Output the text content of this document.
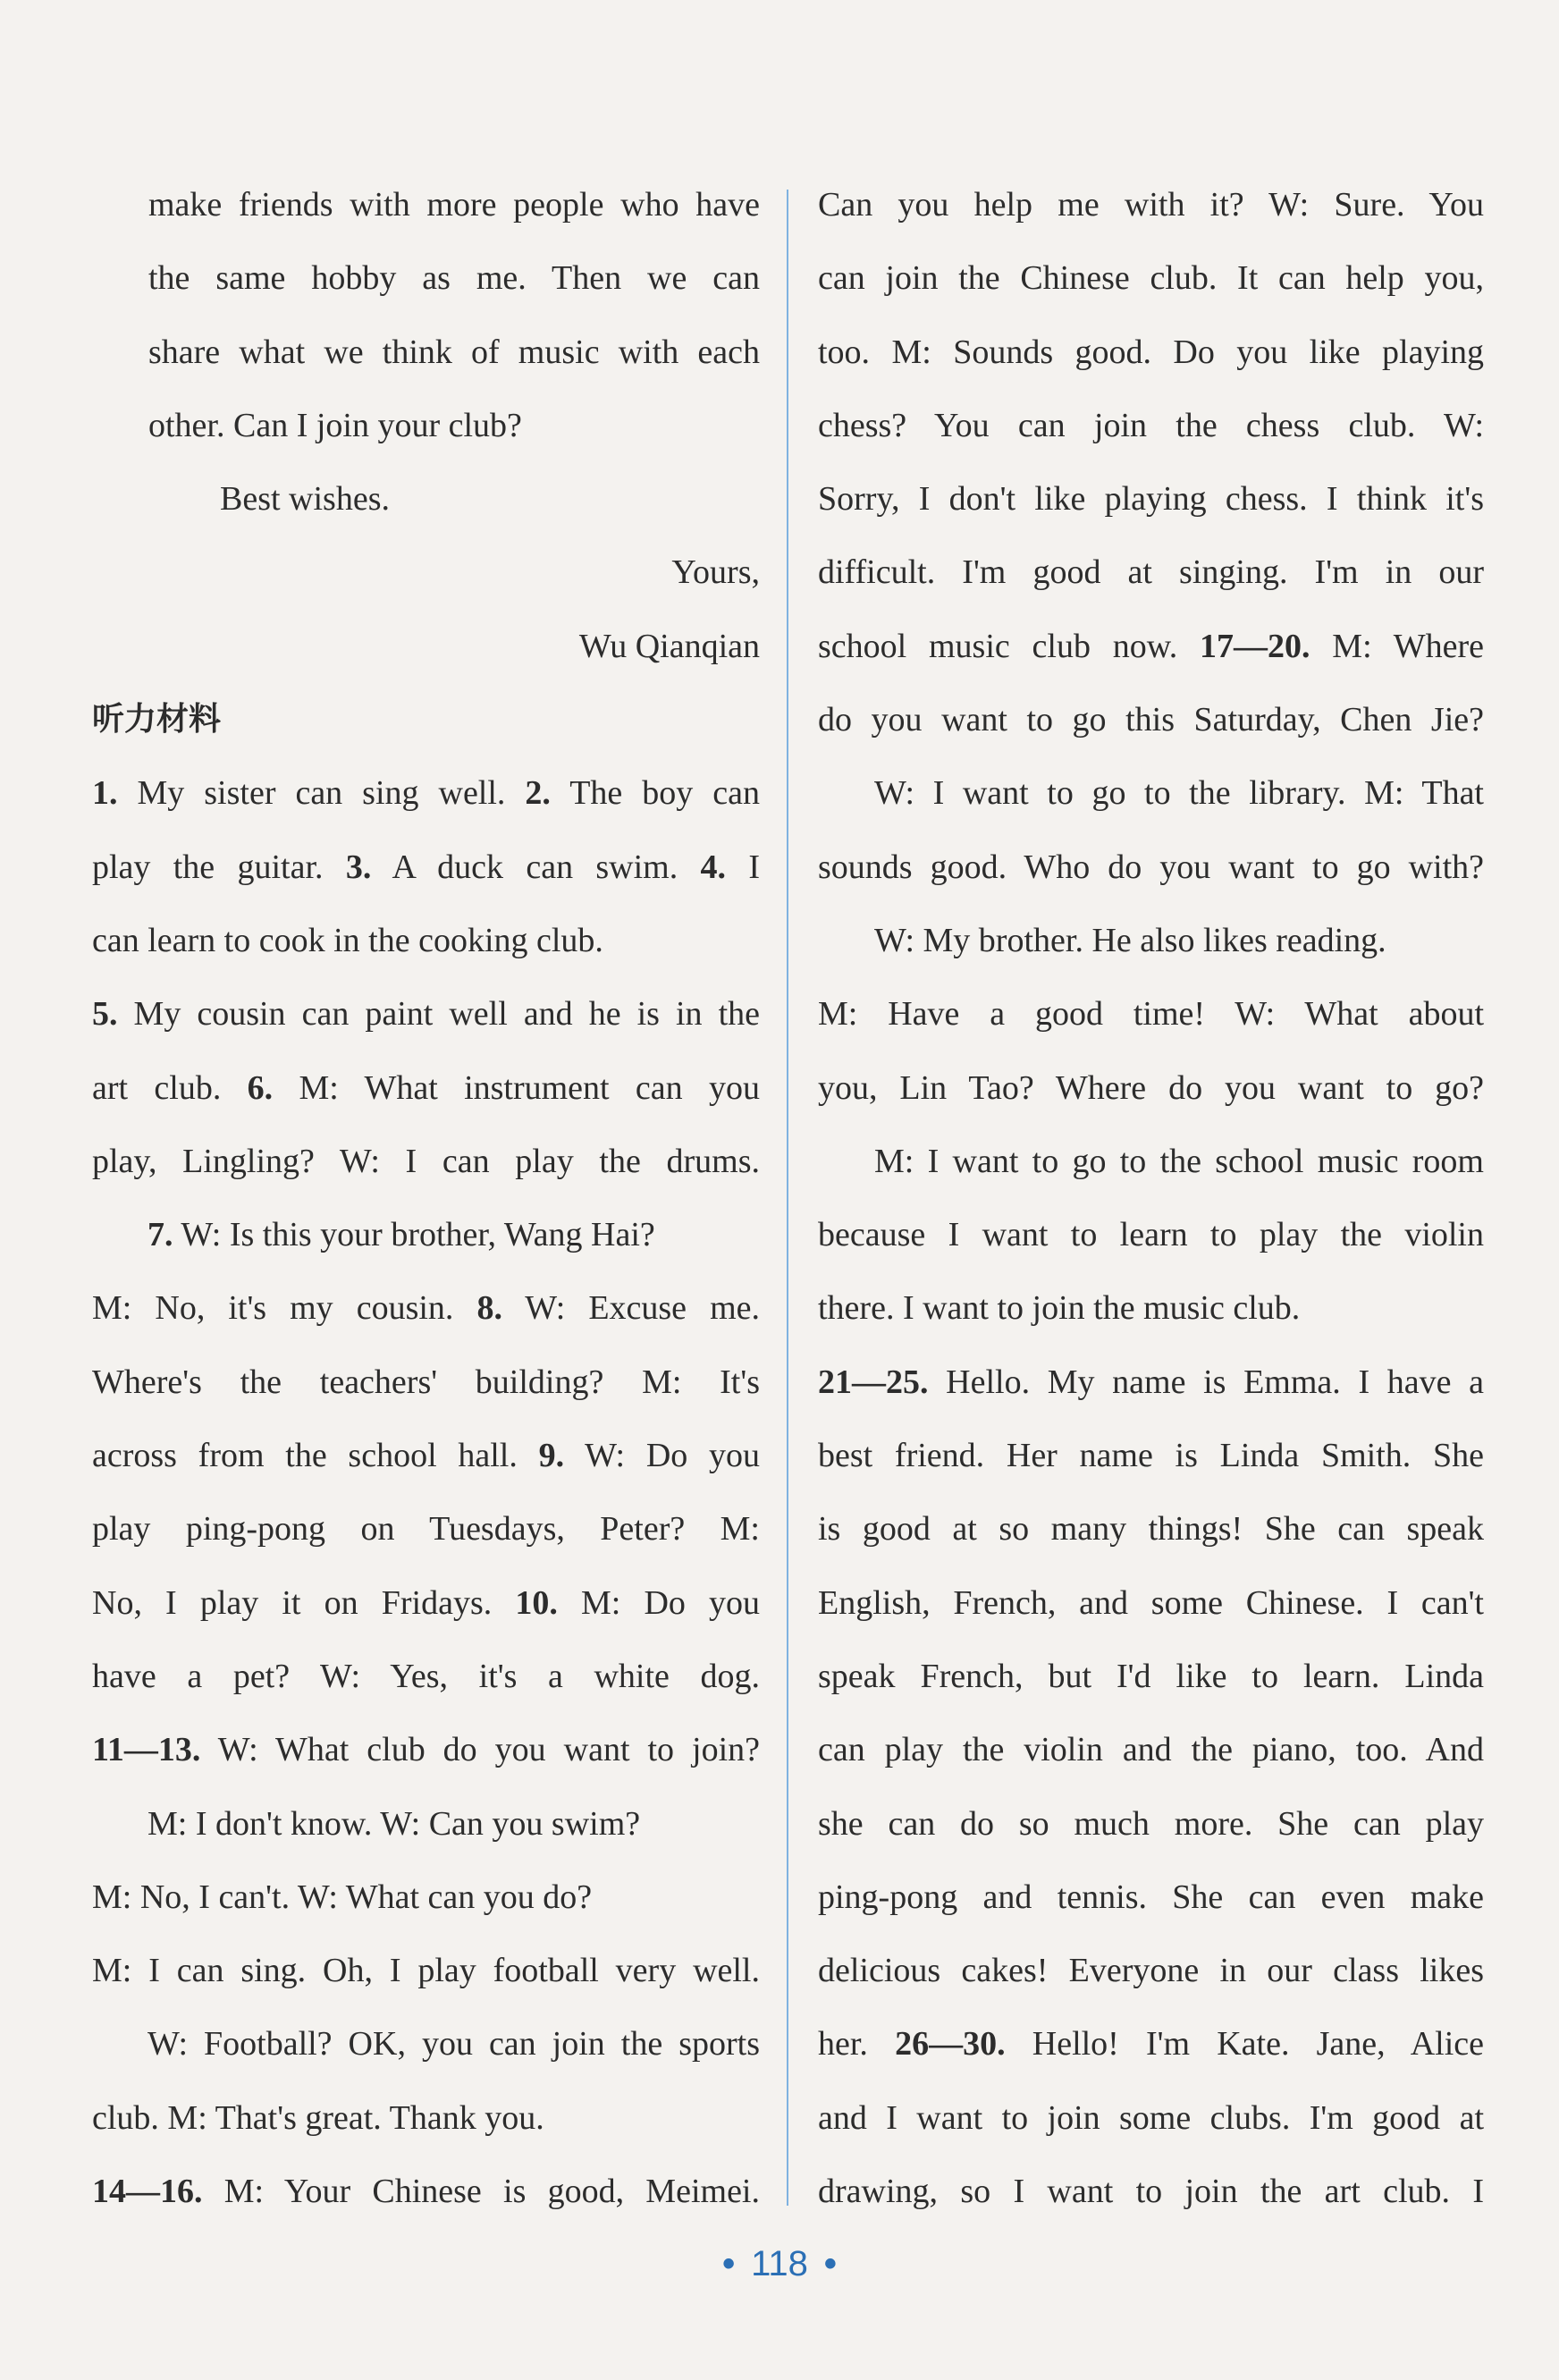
make friends with more people who have
the same hobby as me. Then we can
share what we think of music with each
other. Can I join your club?
Best wishes.
Yours,
Wu Qianqian
听力材料
1. My sister can sing well. 2. The boy can
play the guitar. 3. A duck can swim. 4. I
can learn to cook in the cooking club.
5. My cousin can paint well and he is in the
art club. 6. M: What instrument can you
play, Lingling? W: I can play the drums.
7. W: Is this your brother, Wang Hai?
M: No, it's my cousin. 8. W: Excuse me.
Where's the teachers' building? M: It's
across from the school hall. 9. W: Do you
play ping-pong on Tuesdays, Peter? M:
No, I play it on Fridays. 10. M: Do you
have a pet? W: Yes, it's a white dog.
11—13. W: What club do you want to join?
M: I don't know. W: Can you swim?
M: No, I can't. W: What can you do?
M: I can sing. Oh, I play football very well.
W: Football? OK, you can join the sports
club. M: That's great. Thank you.
14—16. M: Your Chinese is good, Meimei.
Can you help me with it? W: Sure. You
can join the Chinese club. It can help you,
too. M: Sounds good. Do you like playing
chess? You can join the chess club. W:
Sorry, I don't like playing chess. I think it's
difficult. I'm good at singing. I'm in our
school music club now. 17—20. M: Where
do you want to go this Saturday, Chen Jie?
W: I want to go to the library. M: That
sounds good. Who do you want to go with?
W: My brother. He also likes reading.
M: Have a good time! W: What about
you, Lin Tao? Where do you want to go?
M: I want to go to the school music room
because I want to learn to play the violin
there. I want to join the music club.
21—25. Hello. My name is Emma. I have a
best friend. Her name is Linda Smith. She
is good at so many things! She can speak
English, French, and some Chinese. I can't
speak French, but I'd like to learn. Linda
can play the violin and the piano, too. And
she can do so much more. She can play
ping-pong and tennis. She can even make
delicious cakes! Everyone in our class likes
her. 26—30. Hello! I'm Kate. Jane, Alice
and I want to join some clubs. I'm good at
drawing, so I want to join the art club. I
• 118 •
